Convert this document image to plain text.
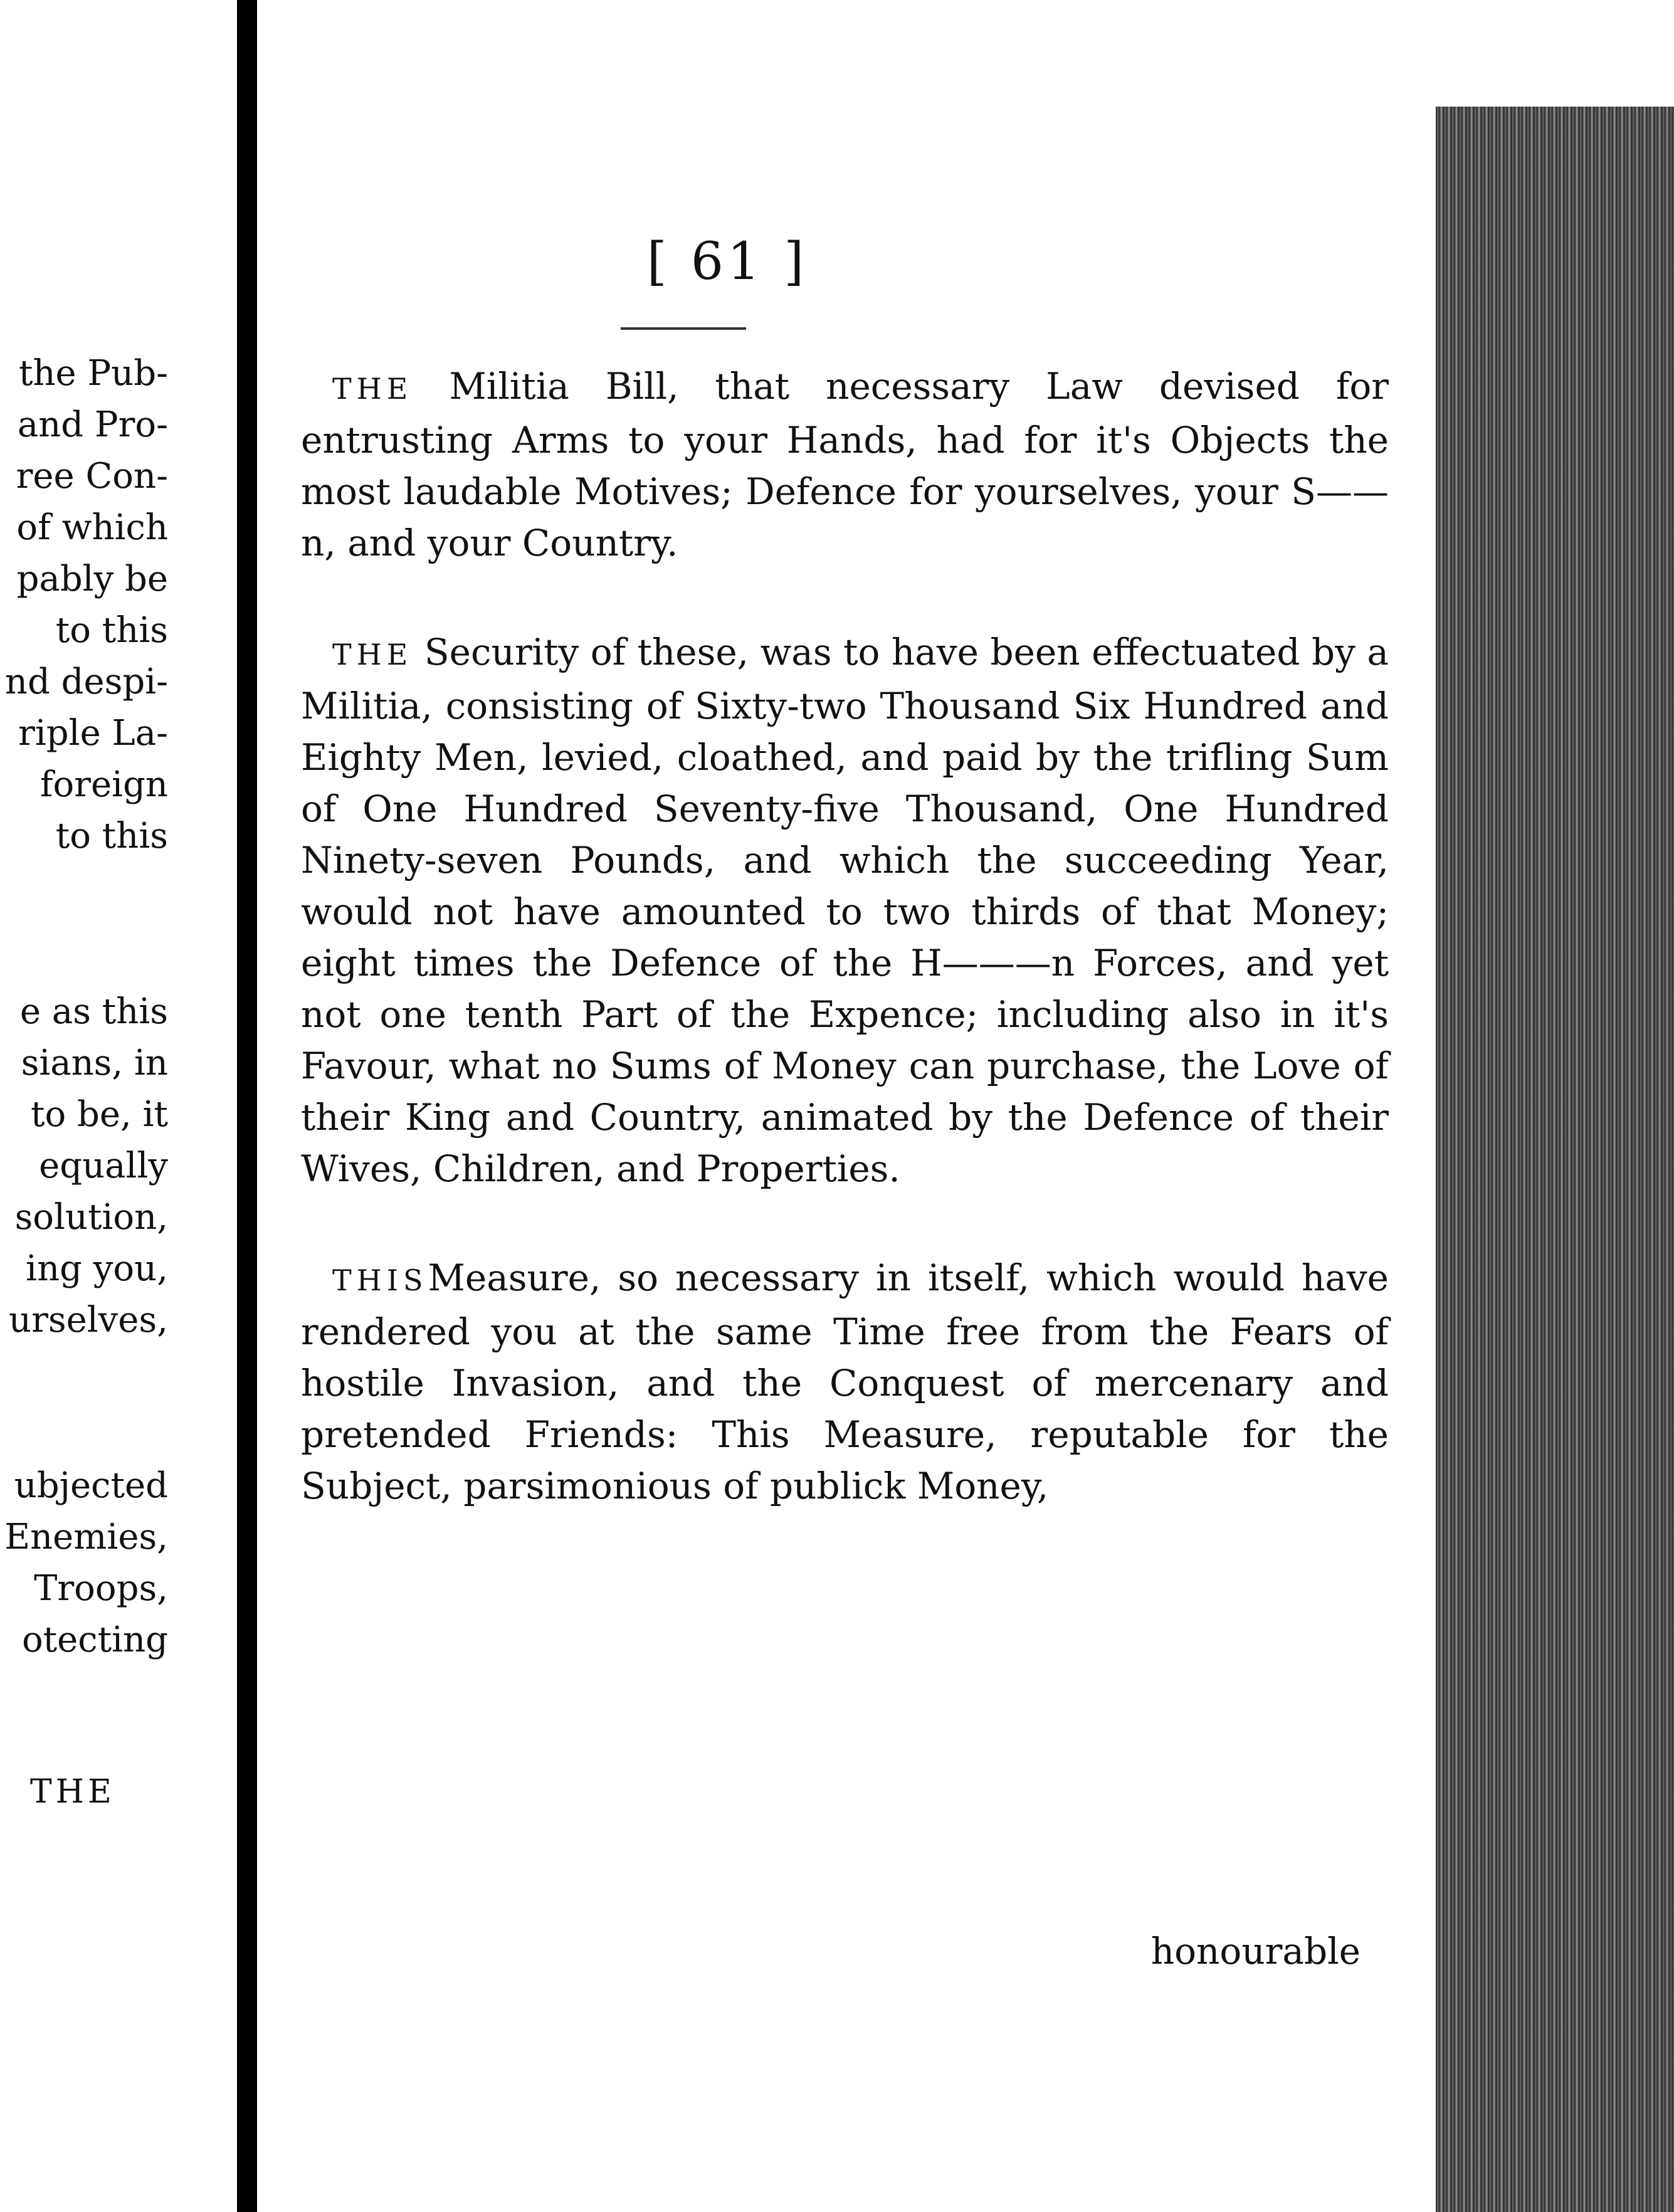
the Pub-
and Pro-
ree Con-
of which
pably be
to this
nd despi-
riple La-
foreign
to this
e as this
sians, in
to be, it
equally
solution,
ing you,
urselves,
ubjected
Enemies,
Troops,
otecting
THE
[ 61 ]

THE Militia Bill, that necessary Law devised for entrusting Arms to your Hands, had for it's Objects the most laudable Motives; Defence for yourselves, your S——n, and your Country.

THE Security of these, was to have been effectuated by a Militia, consisting of Sixty-two Thousand Six Hundred and Eighty Men, levied, cloathed, and paid by the trifling Sum of One Hundred Seventy-five Thousand, One Hundred Ninety-seven Pounds, and which the succeeding Year, would not have amounted to two thirds of that Money; eight times the Defence of the H———n Forces, and yet not one tenth Part of the Expence; including also in it's Favour, what no Sums of Money can purchase, the Love of their King and Country, animated by the Defence of their Wives, Children, and Properties.

THISMeasure, so necessary in itself, which would have rendered you at the same Time free from the Fears of hostile Invasion, and the Conquest of mercenary and pretended Friends: This Measure, reputable for the Subject, parsimonious of publick Money,

honourable
